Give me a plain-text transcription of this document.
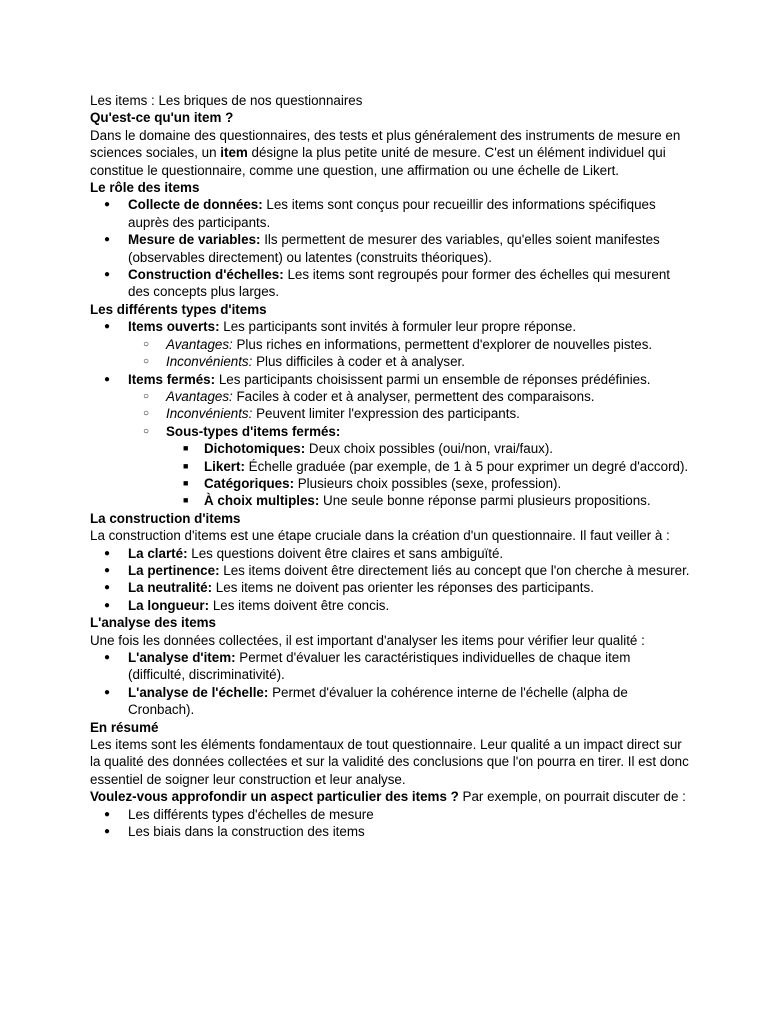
Les items : Les briques de nos questionnaires

Qu'est-ce qu'un item ?

Dans le domaine des questionnaires, des tests et plus généralement des instruments de mesure en sciences sociales, un item désigne la plus petite unité de mesure. C'est un élément individuel qui constitue le questionnaire, comme une question, une affirmation ou une échelle de Likert.

Le rôle des items

● Collecte de données: Les items sont conçus pour recueillir des informations spécifiques auprès des participants.
● Mesure de variables: Ils permettent de mesurer des variables, qu'elles soient manifestes (observables directement) ou latentes (construits théoriques).
● Construction d'échelles: Les items sont regroupés pour former des échelles qui mesurent des concepts plus larges.

Les différents types d'items

● Items ouverts: Les participants sont invités à formuler leur propre réponse.
○ Avantages: Plus riches en informations, permettent d'explorer de nouvelles pistes.
○ Inconvénients: Plus difficiles à coder et à analyser.
● Items fermés: Les participants choisissent parmi un ensemble de réponses prédéfinies.
○ Avantages: Faciles à coder et à analyser, permettent des comparaisons.
○ Inconvénients: Peuvent limiter l'expression des participants.
○ Sous-types d'items fermés:
■ Dichotomiques: Deux choix possibles (oui/non, vrai/faux).
■ Likert: Échelle graduée (par exemple, de 1 à 5 pour exprimer un degré d'accord).
■ Catégoriques: Plusieurs choix possibles (sexe, profession).
■ À choix multiples: Une seule bonne réponse parmi plusieurs propositions.

La construction d'items

La construction d'items est une étape cruciale dans la création d'un questionnaire. Il faut veiller à :

● La clarté: Les questions doivent être claires et sans ambiguïté.
● La pertinence: Les items doivent être directement liés au concept que l'on cherche à mesurer.
● La neutralité: Les items ne doivent pas orienter les réponses des participants.
● La longueur: Les items doivent être concis.

L'analyse des items

Une fois les données collectées, il est important d'analyser les items pour vérifier leur qualité :

● L'analyse d'item: Permet d'évaluer les caractéristiques individuelles de chaque item (difficulté, discriminativité).
● L'analyse de l'échelle: Permet d'évaluer la cohérence interne de l'échelle (alpha de Cronbach).

En résumé

Les items sont les éléments fondamentaux de tout questionnaire. Leur qualité a un impact direct sur la qualité des données collectées et sur la validité des conclusions que l'on pourra en tirer. Il est donc essentiel de soigner leur construction et leur analyse.

Voulez-vous approfondir un aspect particulier des items ? Par exemple, on pourrait discuter de :

● Les différents types d'échelles de mesure
● Les biais dans la construction des items
